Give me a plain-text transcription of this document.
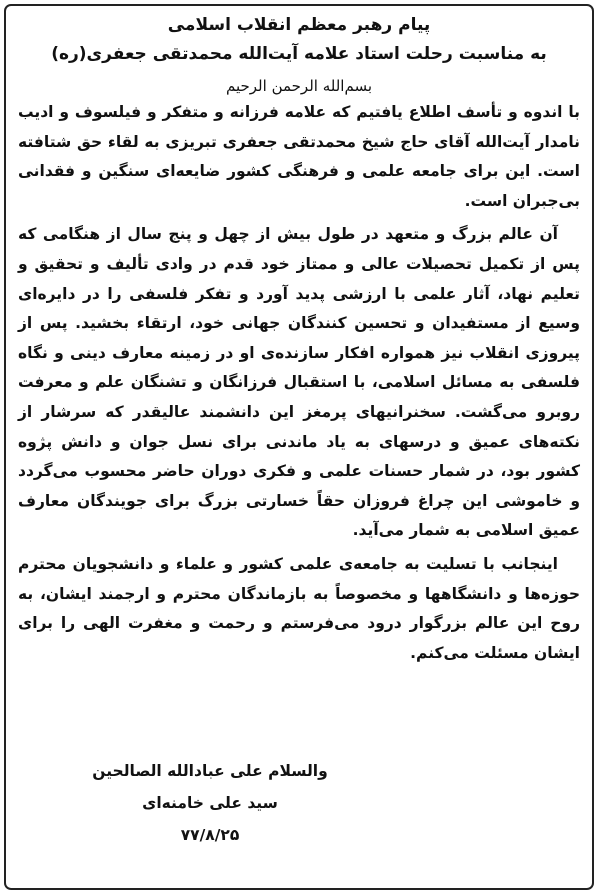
پیام رهبر معظم انقلاب اسلامی

به مناسبت رحلت استاد علامه آیت‌الله محمدتقی جعفری(ره)

بسم‌الله الرحمن الرحیم

با اندوه و تأسف اطلاع یافتیم که علامه فرزانه و متفکر و فیلسوف و ادیب نامدار آیت‌الله آقای حاج شیخ محمدتقی جعفری تبریزی به لقاء حق شتافته است. این برای جامعه علمی و فرهنگی کشور ضایعه‌ای سنگین و فقدانی بی‌جبران است.

آن عالم بزرگ و متعهد در طول بیش از چهل و پنج سال از هنگامی که پس از تکمیل تحصیلات عالی و ممتاز خود قدم در وادی تألیف و تحقیق و تعلیم نهاد، آثار علمی با ارزشی پدید آورد و تفکر فلسفی را در دایره‌ای وسیع از مستفیدان و تحسین کنندگان جهانی خود، ارتقاء بخشید. پس از پیروزی انقلاب نیز همواره افکار سازنده‌ی او در زمینه معارف دینی و نگاه فلسفی به مسائل اسلامی، با استقبال فرزانگان و تشنگان علم و معرفت روبرو می‌گشت. سخنرانیهای پرمغز این دانشمند عالیقدر که سرشار از نکته‌های عمیق و درسهای به یاد ماندنی برای نسل جوان و دانش پژوه کشور بود، در شمار حسنات علمی و فکری دوران حاضر محسوب می‌گردد و خاموشی این چراغ فروزان حقاً خسارتی بزرگ برای جویندگان معارف عمیق اسلامی به شمار می‌آید.

اینجانب با تسلیت به جامعه‌ی علمی کشور و علماء و دانشجویان محترم حوزه‌ها و دانشگاهها و مخصوصاً به بازماندگان محترم و ارجمند ایشان، به روح این عالم بزرگوار درود می‌فرستم و رحمت و مغفرت الهی را برای ایشان مسئلت می‌کنم.

والسلام علی عبادالله الصالحین
سید علی خامنه‌ای
۷۷/۸/۲۵
